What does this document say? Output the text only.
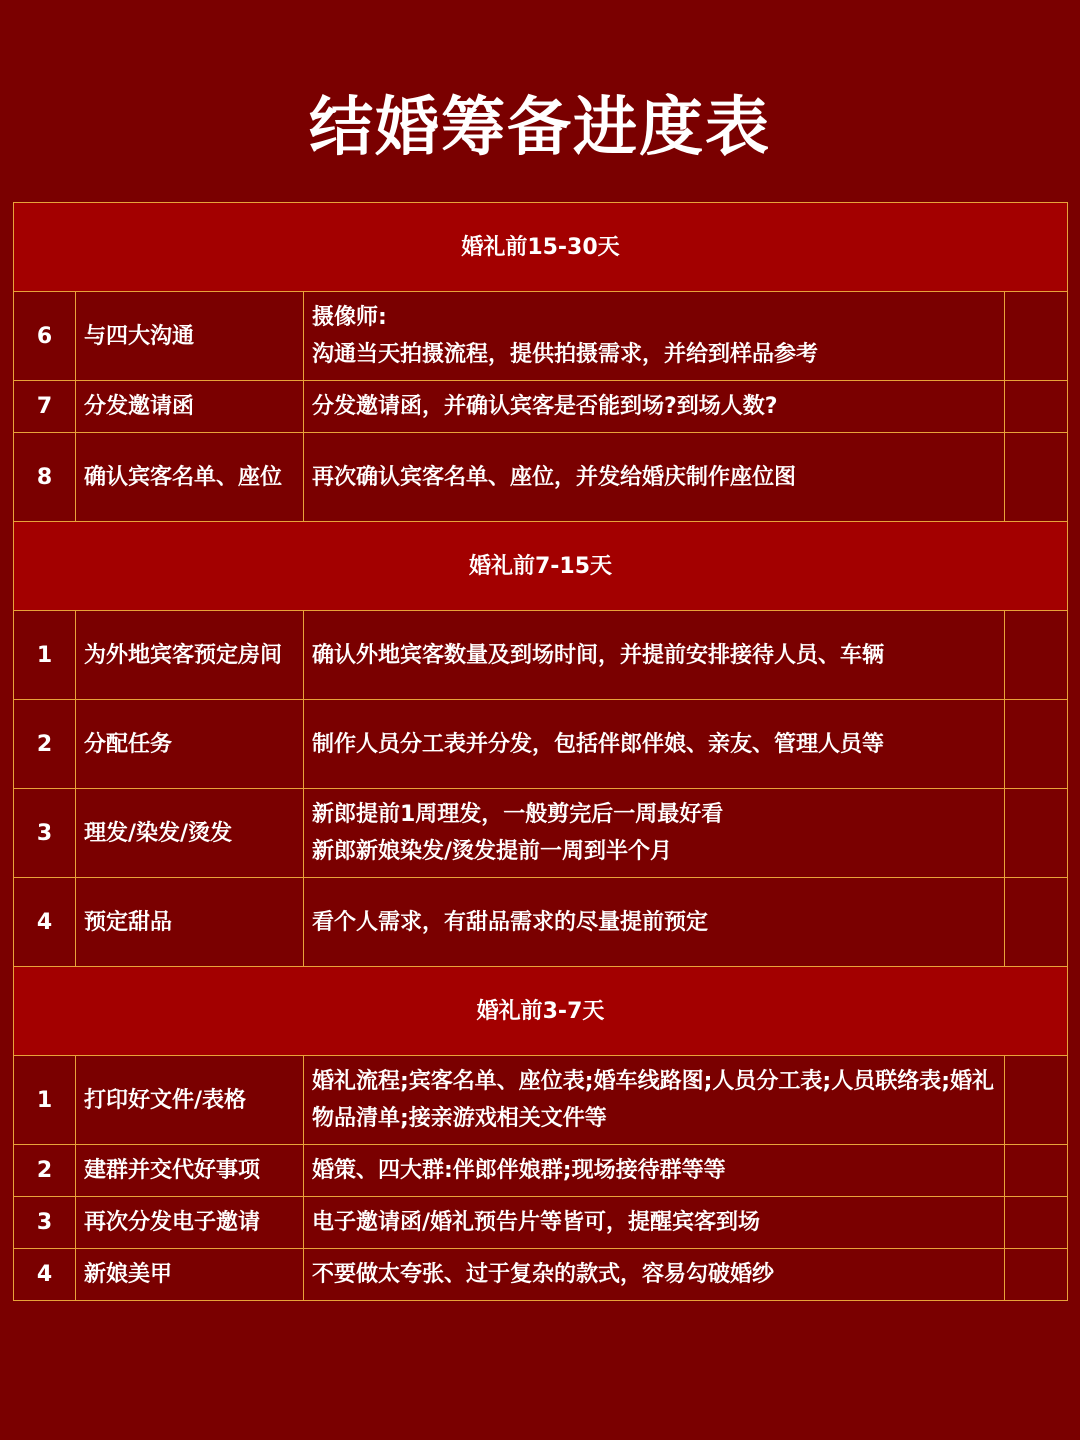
结婚筹备进度表
婚礼前15-30天			
6	与四大沟通	摄像师:
沟通当天拍摄流程，提供拍摄需求，并给到样品参考	

7	分发邀请函	分发邀请函，并确认宾客是否能到场?到场人数?	

8	确认宾客名单、座位	再次确认宾客名单、座位，并发给婚庆制作座位图	

婚礼前7-15天			
1	为外地宾客预定房间	确认外地宾客数量及到场时间，并提前安排接待人员、车辆	

2	分配任务	制作人员分工表并分发，包括伴郎伴娘、亲友、管理人员等	

3	理发/染发/烫发	新郎提前1周理发，一般剪完后一周最好看
新郎新娘染发/烫发提前一周到半个月	

4	预定甜品	看个人需求，有甜品需求的尽量提前预定	

婚礼前3-7天			
1	打印好文件/表格	婚礼流程;宾客名单、座位表;婚车线路图;人员分工表;人员联络表;婚礼物品清单;接亲游戏相关文件等	

2	建群并交代好事项	婚策、四大群:伴郎伴娘群;现场接待群等等	

3	再次分发电子邀请	电子邀请函/婚礼预告片等皆可，提醒宾客到场	

4	新娘美甲	不要做太夸张、过于复杂的款式，容易勾破婚纱	
